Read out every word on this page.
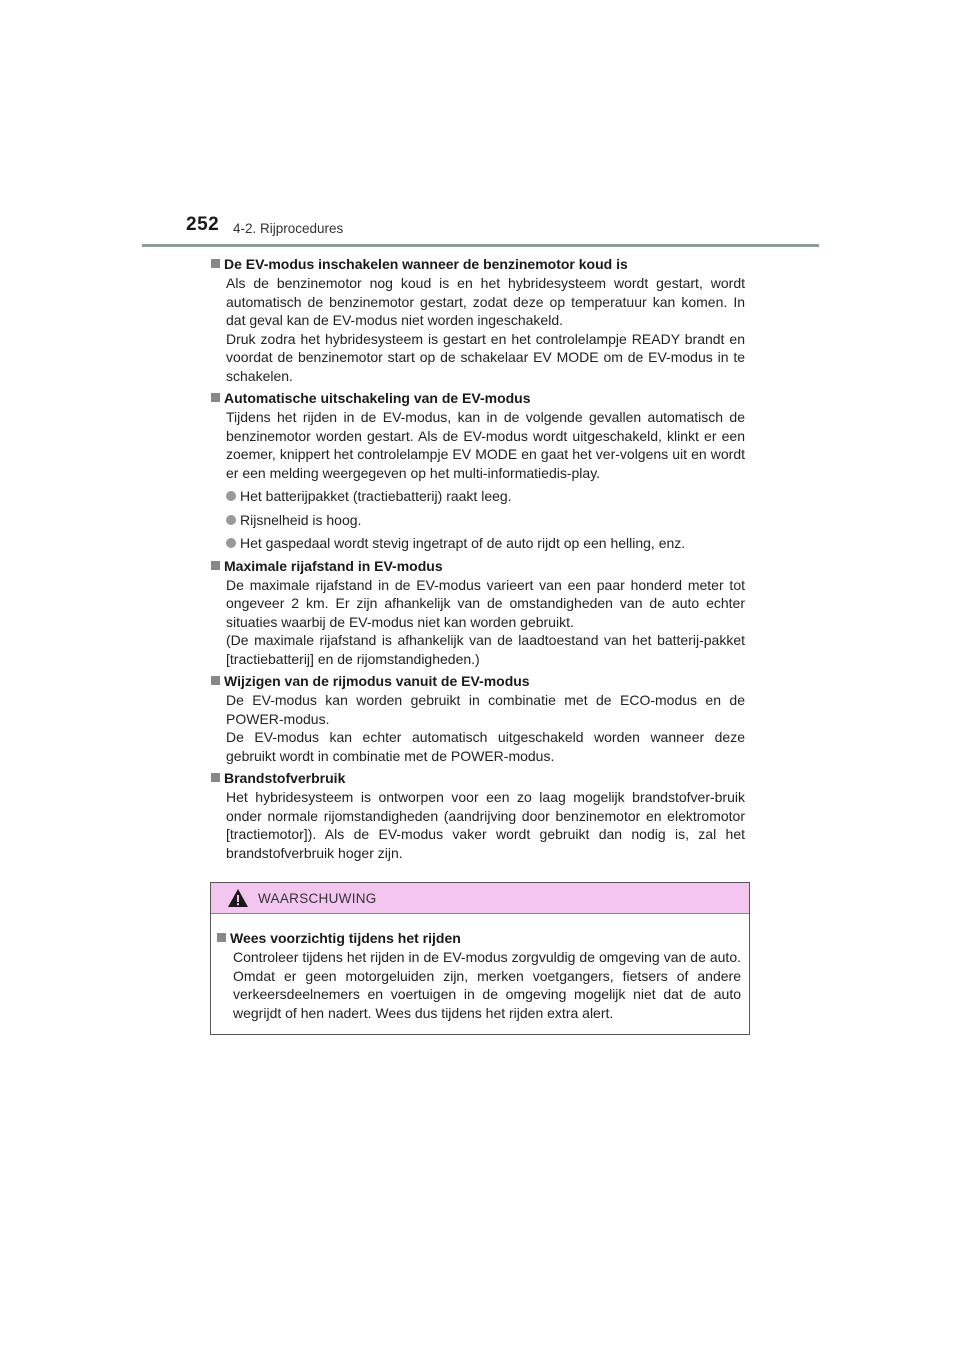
252 4-2. Rijprocedures
De EV-modus inschakelen wanneer de benzinemotor koud is
Als de benzinemotor nog koud is en het hybridesysteem wordt gestart, wordt automatisch de benzinemotor gestart, zodat deze op temperatuur kan komen. In dat geval kan de EV-modus niet worden ingeschakeld.
Druk zodra het hybridesysteem is gestart en het controlelampje READY brandt en voordat de benzinemotor start op de schakelaar EV MODE om de EV-modus in te schakelen.
Automatische uitschakeling van de EV-modus
Tijdens het rijden in de EV-modus, kan in de volgende gevallen automatisch de benzinemotor worden gestart. Als de EV-modus wordt uitgeschakeld, klinkt er een zoemer, knippert het controlelampje EV MODE en gaat het ver-volgens uit en wordt er een melding weergegeven op het multi-informatiedis-play.
Het batterijpakket (tractiebatterij) raakt leeg.
Rijsnelheid is hoog.
Het gaspedaal wordt stevig ingetrapt of de auto rijdt op een helling, enz.
Maximale rijafstand in EV-modus
De maximale rijafstand in de EV-modus varieert van een paar honderd meter tot ongeveer 2 km. Er zijn afhankelijk van de omstandigheden van de auto echter situaties waarbij de EV-modus niet kan worden gebruikt.
(De maximale rijafstand is afhankelijk van de laadtoestand van het batterij-pakket [tractiebatterij] en de rijomstandigheden.)
Wijzigen van de rijmodus vanuit de EV-modus
De EV-modus kan worden gebruikt in combinatie met de ECO-modus en de POWER-modus.
De EV-modus kan echter automatisch uitgeschakeld worden wanneer deze gebruikt wordt in combinatie met de POWER-modus.
Brandstofverbruik
Het hybridesysteem is ontworpen voor een zo laag mogelijk brandstofver-bruik onder normale rijomstandigheden (aandrijving door benzinemotor en elektromotor [tractiemotor]). Als de EV-modus vaker wordt gebruikt dan nodig is, zal het brandstofverbruik hoger zijn.
WAARSCHUWING
Wees voorzichtig tijdens het rijden
Controleer tijdens het rijden in de EV-modus zorgvuldig de omgeving van de auto. Omdat er geen motorgeluiden zijn, merken voetgangers, fietsers of andere verkeersdeelnemers en voertuigen in de omgeving mogelijk niet dat de auto wegrijdt of hen nadert. Wees dus tijdens het rijden extra alert.
